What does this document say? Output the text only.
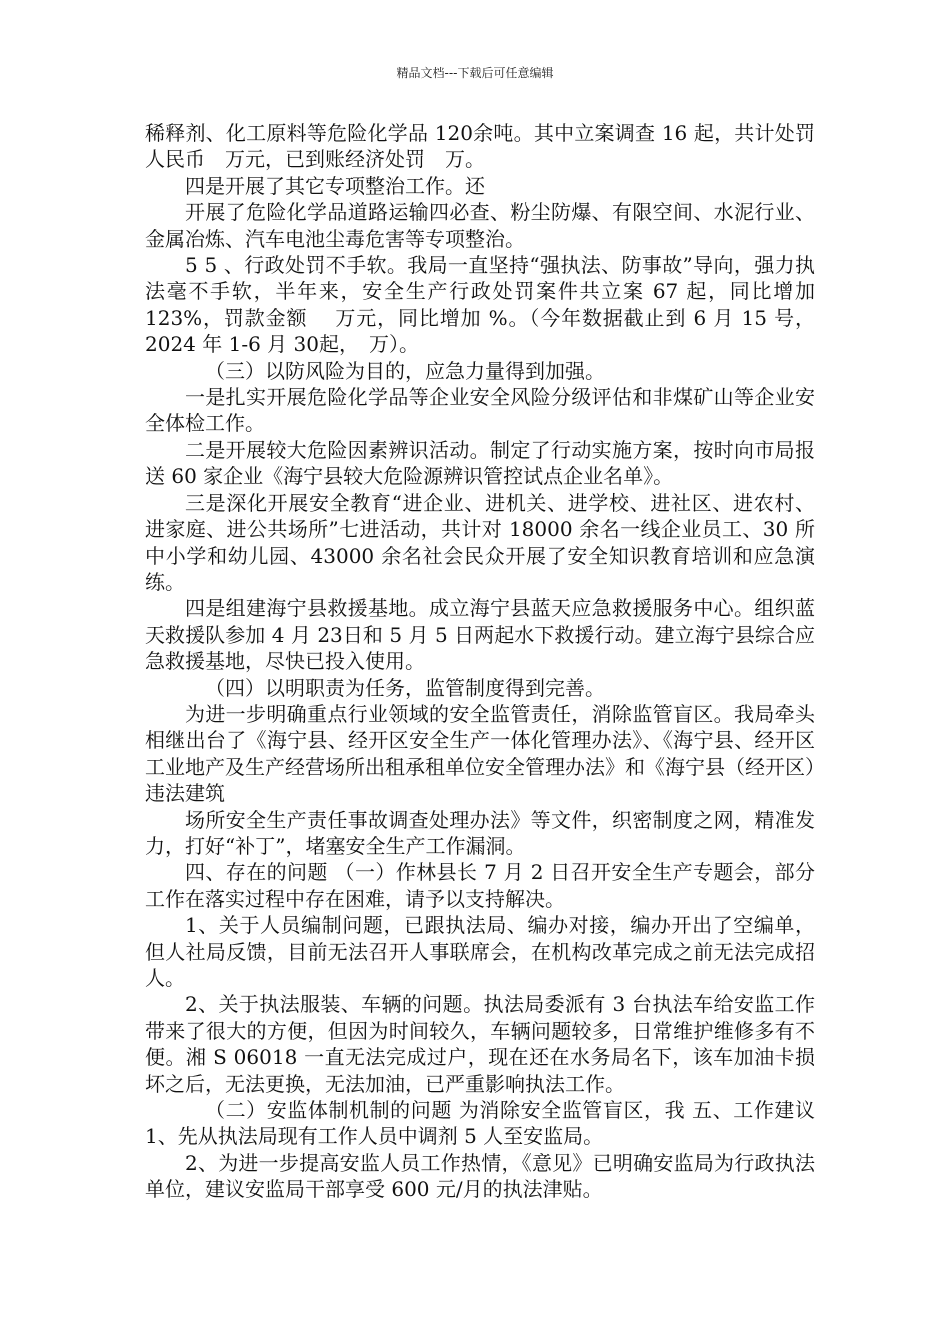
精品文档---下载后可任意编辑

稀释剂、化工原料等危险化学品 120余吨。其中立案调查 16 起，共计处罚人民币　万元，已到账经济处罚　万。

四是开展了其它专项整治工作。还

开展了危险化学品道路运输四必查、粉尘防爆、有限空间、水泥行业、金属冶炼、汽车电池尘毒危害等专项整治。

5 5 、行政处罚不手软。我局一直坚持“强执法、防事故”导向，强力执法毫不手软，半年来，安全生产行政处罚案件共立案 67 起，同比增加 123%，罚款金额　 万元，同比增加 %。（今年数据截止到 6 月 15 号，2024 年 1-6 月 30起，　万）。

（三）以防风险为目的，应急力量得到加强。

一是扎实开展危险化学品等企业安全风险分级评估和非煤矿山等企业安全体检工作。

二是开展较大危险因素辨识活动。制定了行动实施方案，按时向市局报送 60 家企业《海宁县较大危险源辨识管控试点企业名单》。

三是深化开展安全教育“进企业、进机关、进学校、进社区、进农村、进家庭、进公共场所”七进活动，共计对 18000 余名一线企业员工、30 所中小学和幼儿园、43000 余名社会民众开展了安全知识教育培训和应急演练。

四是组建海宁县救援基地。成立海宁县蓝天应急救援服务中心。组织蓝天救援队参加 4 月 23日和 5 月 5 日两起水下救援行动。建立海宁县综合应急救援基地，尽快已投入使用。

（四）以明职责为任务，监管制度得到完善。

为进一步明确重点行业领域的安全监管责任，消除监管盲区。我局牵头相继出台了《海宁县、经开区安全生产一体化管理办法》、《海宁县、经开区工业地产及生产经营场所出租承租单位安全管理办法》和《海宁县（经开区）违法建筑

场所安全生产责任事故调查处理办法》等文件，织密制度之网，精准发力，打好“补丁”，堵塞安全生产工作漏洞。

四、存在的问题 （一）作林县长 7 月 2 日召开安全生产专题会，部分工作在落实过程中存在困难，请予以支持解决。

1、关于人员编制问题，已跟执法局、编办对接，编办开出了空编单，但人社局反馈，目前无法召开人事联席会，在机构改革完成之前无法完成招人。

2、关于执法服装、车辆的问题。执法局委派有 3 台执法车给安监工作带来了很大的方便，但因为时间较久，车辆问题较多，日常维护维修多有不便。湘 S 06018 一直无法完成过户，现在还在水务局名下，该车加油卡损坏之后，无法更换，无法加油，已严重影响执法工作。

（二）安监体制机制的问题 为消除安全监管盲区，我 五、工作建议 1、先从执法局现有工作人员中调剂 5 人至安监局。

2、为进一步提高安监人员工作热情，《意见》已明确安监局为行政执法单位，建议安监局干部享受 600 元/月的执法津贴。
